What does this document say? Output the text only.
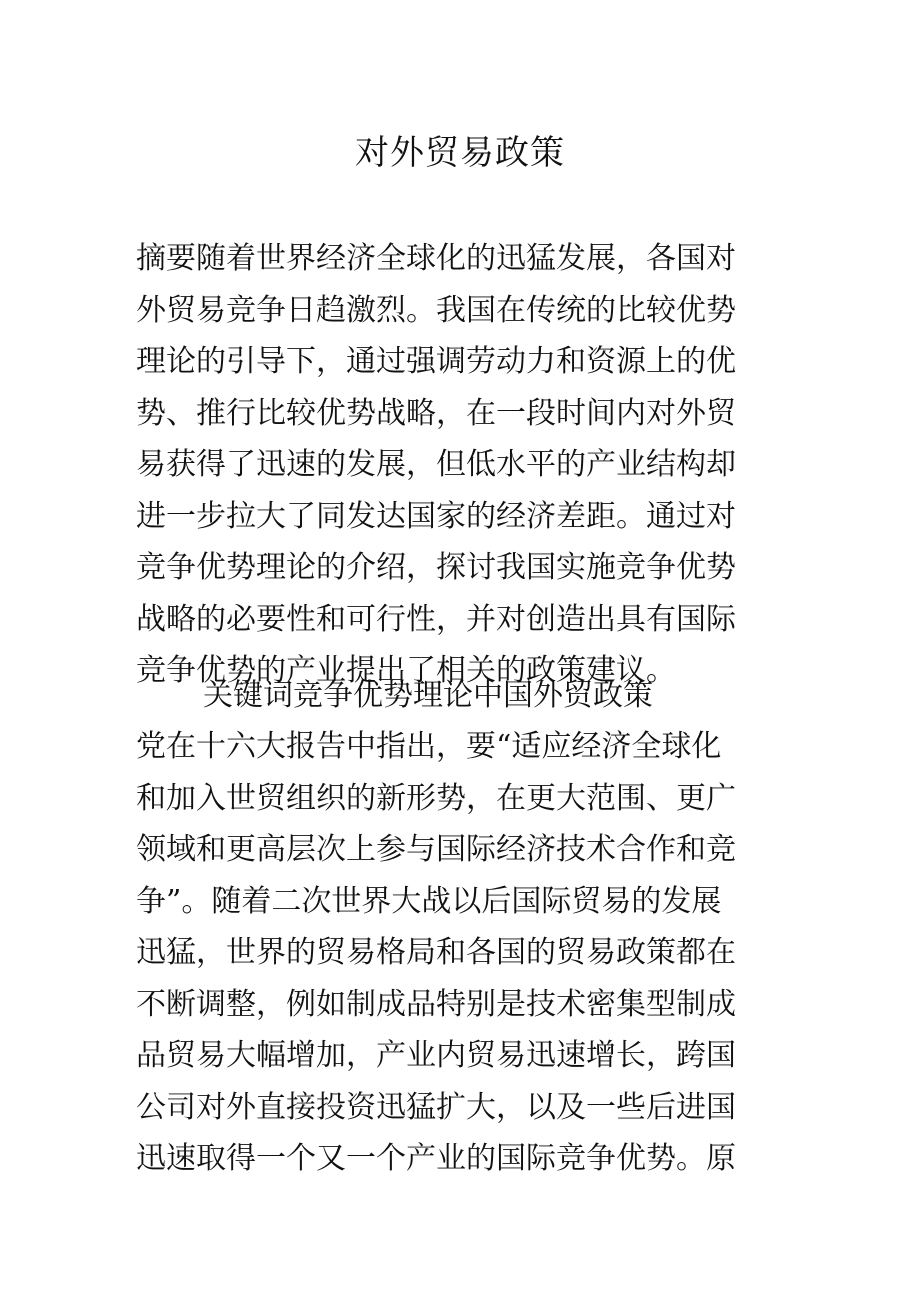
对外贸易政策
摘要随着世界经济全球化的迅猛发展，各国对
外贸易竞争日趋激烈。我国在传统的比较优势
理论的引导下，通过强调劳动力和资源上的优
势、推行比较优势战略，在一段时间内对外贸
易获得了迅速的发展，但低水平的产业结构却
进一步拉大了同发达国家的经济差距。通过对
竞争优势理论的介绍，探讨我国实施竞争优势
战略的必要性和可行性，并对创造出具有国际
竞争优势的产业提出了相关的政策建议。
关键词竞争优势理论中国外贸政策
党在十六大报告中指出，要“适应经济全球化
和加入世贸组织的新形势，在更大范围、更广
领域和更高层次上参与国际经济技术合作和竞
争”。随着二次世界大战以后国际贸易的发展
迅猛，世界的贸易格局和各国的贸易政策都在
不断调整，例如制成品特别是技术密集型制成
品贸易大幅增加，产业内贸易迅速增长，跨国
公司对外直接投资迅猛扩大，以及一些后进国
迅速取得一个又一个产业的国际竞争优势。原
